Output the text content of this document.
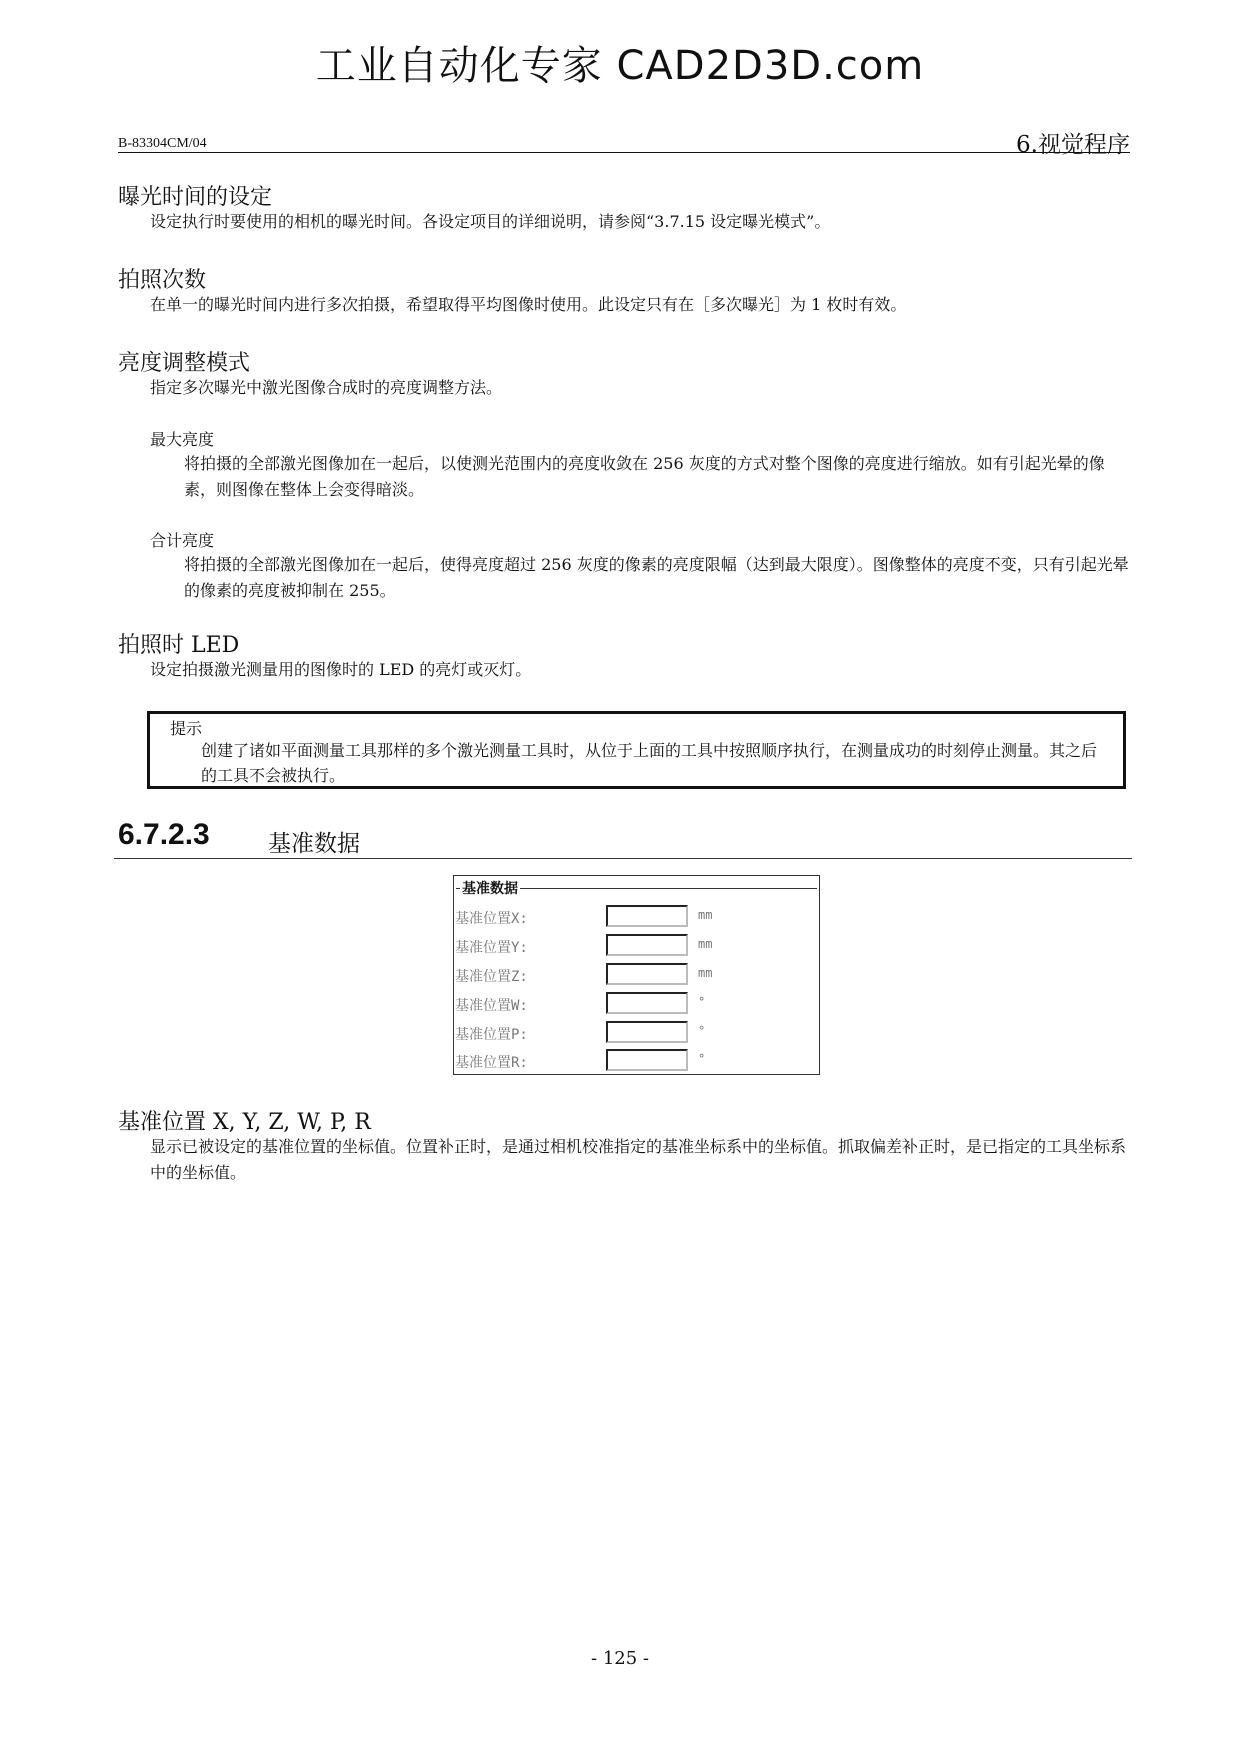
工业自动化专家 CAD2D3D.com
B-83304CM/04	6.视觉程序
曝光时间的设定
设定执行时要使用的相机的曝光时间。各设定项目的详细说明，请参阅“3.7.15 设定曝光模式”。
拍照次数
在单一的曝光时间内进行多次拍摄，希望取得平均图像时使用。此设定只有在［多次曝光］为 1 枚时有效。
亮度调整模式
指定多次曝光中激光图像合成时的亮度调整方法。
最大亮度
将拍摄的全部激光图像加在一起后，以使测光范围内的亮度收敛在 256 灰度的方式对整个图像的亮度进行缩放。如有引起光晕的像素，则图像在整体上会变得暗淡。
合计亮度
将拍摄的全部激光图像加在一起后，使得亮度超过 256 灰度的像素的亮度限幅（达到最大限度）。图像整体的亮度不变，只有引起光晕的像素的亮度被抑制在 255。
拍照时 LED
设定拍摄激光测量用的图像时的 LED 的亮灯或灭灯。
提示
创建了诸如平面测量工具那样的多个激光测量工具时，从位于上面的工具中按照顺序执行，在测量成功的时刻停止测量。其之后的工具不会被执行。
6.7.2.3	基准数据
基准数据
基准位置X:	mm
基准位置Y:	mm
基准位置Z:	mm
基准位置W:	°
基准位置P:	°
基准位置R:	°
基准位置 X, Y, Z, W, P, R
显示已被设定的基准位置的坐标值。位置补正时，是通过相机校准指定的基准坐标系中的坐标值。抓取偏差补正时，是已指定的工具坐标系中的坐标值。
- 125 -
